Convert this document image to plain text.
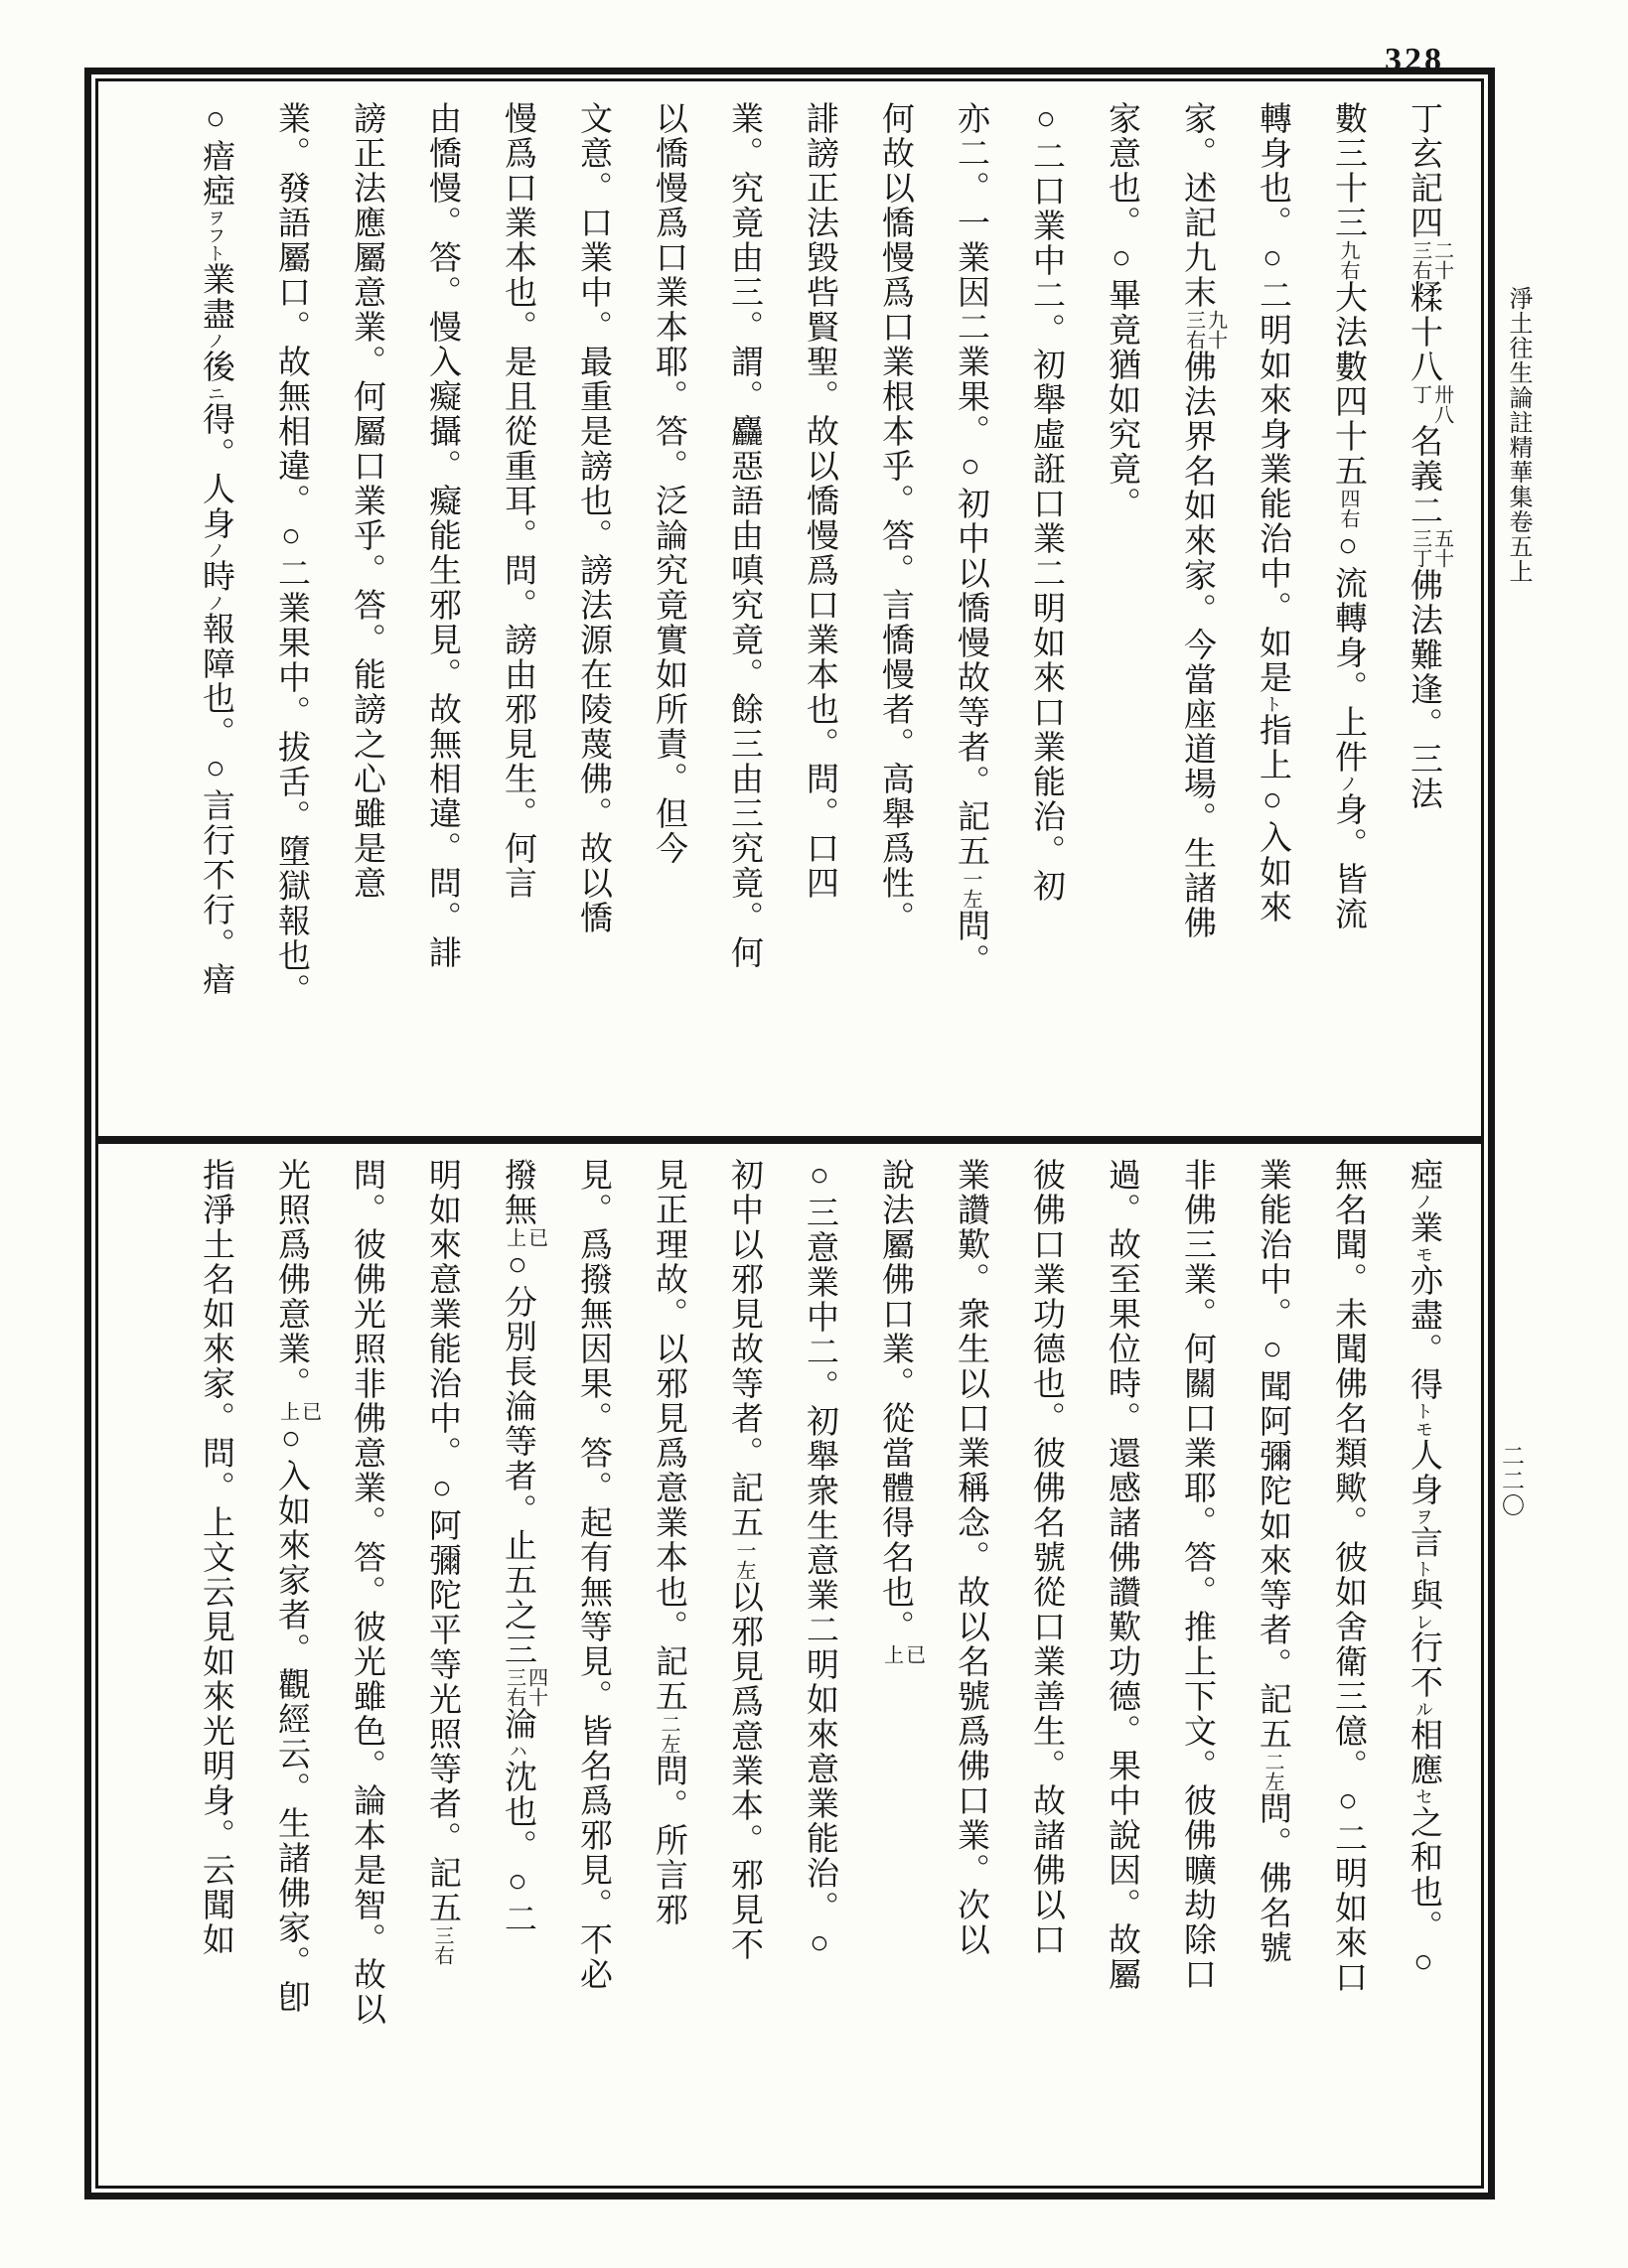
328
淨土往生論註精華集卷五上
二二〇
丁玄記四
二十
三右
糅十八
卅八
丁
名義二
五十
三丁
佛法難逢。三法
數三十三九右大法數四十五四右○流轉身。上件ノ身。皆流
轉身也。○二明如來身業能治中。如是ト指上○入如來
家。述記九末
九十
三右
佛法界名如來家。今當座道場。生諸佛
家意也。○畢竟猶如究竟。
○二口業中二。初舉虛誑口業二明如來口業能治。初
亦二。一業因二業果。○初中以憍慢故等者。記五一左問。
何故以憍慢爲口業根本乎。答。言憍慢者。高舉爲性。
誹謗正法毀呰賢聖。故以憍慢爲口業本也。問。口四
業。究竟由三。謂。麤惡語由嗔究竟。餘三由三究竟。何
以憍慢爲口業本耶。答。泛論究竟實如所責。但今
文意。口業中。最重是謗也。謗法源在陵蔑佛。故以憍
慢爲口業本也。是且從重耳。問。謗由邪見生。何言
由憍慢。答。慢入癡攝。癡能生邪見。故無相違。問。誹
謗正法應屬意業。何屬口業乎。答。能謗之心雖是意
業。發語屬口。故無相違。○二業果中。拔舌。墮獄報也。
○瘖瘂ヲフト業盡ノ後ニ得。人身ノ時ノ報障也。○言行不行。瘖
瘂ノ業モ亦盡。得トモ人身ヲ言ト與レ行不ル相應セ之和也。○
無名聞。未聞佛名類歟。彼如舍衛三億。○二明如來口
業能治中。○聞阿彌陀如來等者。記五二左問。佛名號
非佛三業。何關口業耶。答。推上下文。彼佛曠劫除口
過。故至果位時。還感諸佛讚歎功德。果中說因。故屬
彼佛口業功德也。彼佛名號從口業善生。故諸佛以口
業讚歎。衆生以口業稱念。故以名號爲佛口業。次以
說法屬佛口業。從當體得名也。
已
上
○三意業中二。初舉衆生意業二明如來意業能治。○
初中以邪見故等者。記五一左以邪見爲意業本。邪見不
見正理故。以邪見爲意業本也。記五二左問。所言邪
見。爲撥無因果。答。起有無等見。皆名爲邪見。不必
撥無
已
上
○分別長淪等者。止五之三
四十
三右
淪ハ沈也。○二
明如來意業能治中。○阿彌陀平等光照等者。記五三右
問。彼佛光照非佛意業。答。彼光雖色。論本是智。故以
光照爲佛意業。
已
上
○入如來家者。觀經云。生諸佛家。卽
指淨土名如來家。問。上文云見如來光明身。云聞如
